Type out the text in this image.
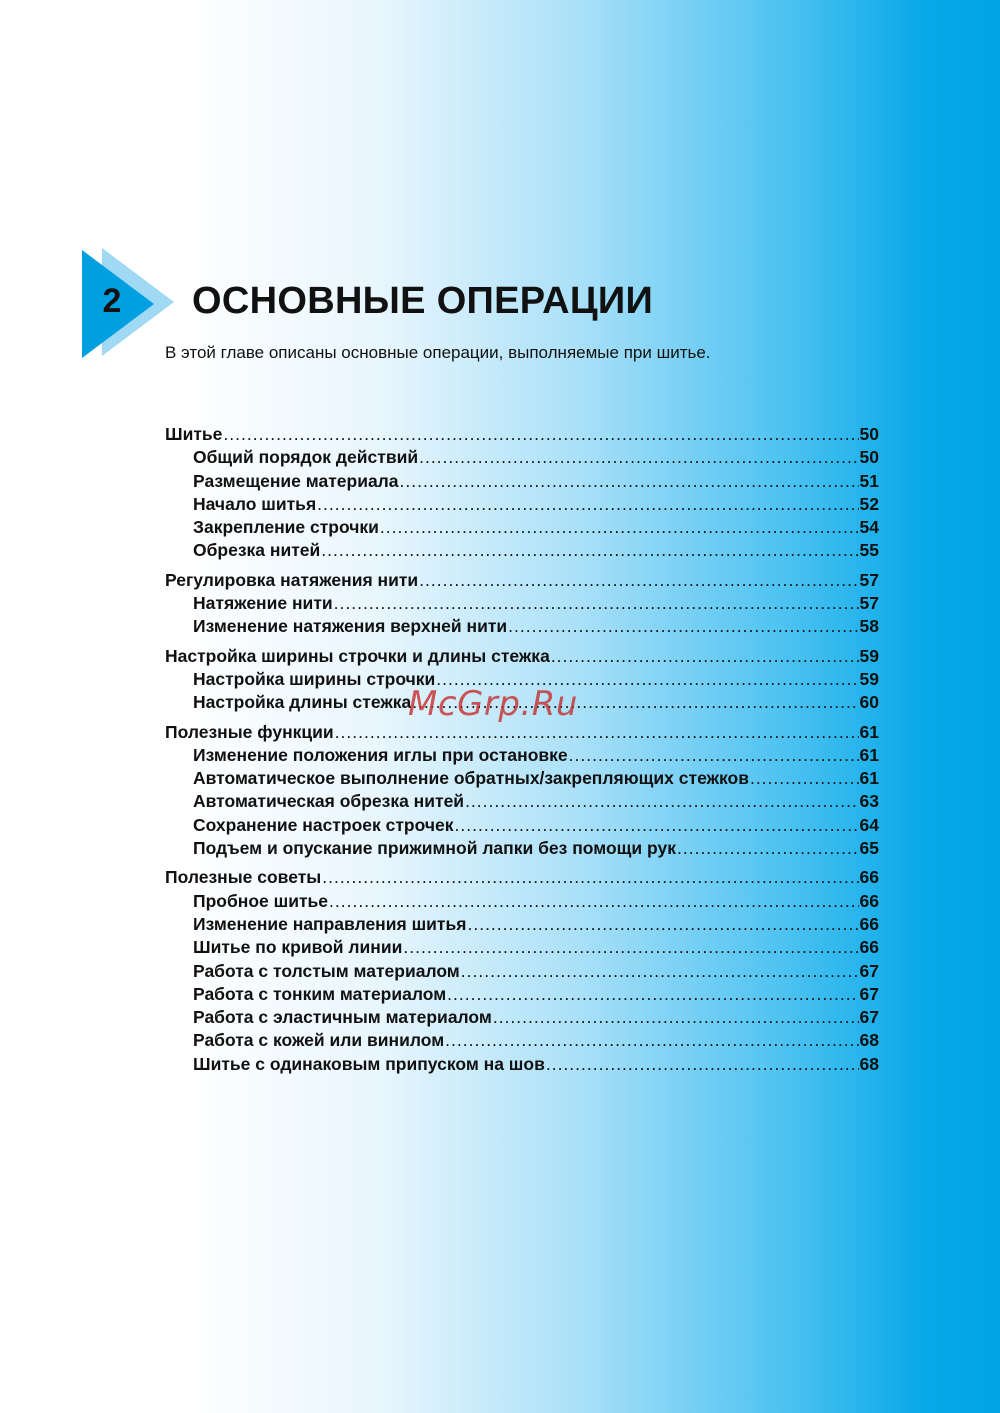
2 ОСНОВНЫЕ ОПЕРАЦИИ
В этой главе описаны основные операции, выполняемые при шитье.
Шитье .....	50
Общий порядок действий .....	50
Размещение материала .....	51
Начало шитья .....	52
Закрепление строчки .....	54
Обрезка нитей .....	55
Регулировка натяжения нити .....	57
Натяжение нити .....	57
Изменение натяжения верхней нити .....	58
Настройка ширины строчки и длины стежка .....	59
Настройка ширины строчки .....	59
Настройка длины стежка .....	60
Полезные функции .....	61
Изменение положения иглы при остановке .....	61
Автоматическое выполнение обратных/закрепляющих стежков .....	61
Автоматическая обрезка нитей .....	63
Сохранение настроек строчек .....	64
Подъем и опускание прижимной лапки без помощи рук .....	65
Полезные советы .....	66
Пробное шитье .....	66
Изменение направления шитья .....	66
Шитье по кривой линии .....	66
Работа с толстым материалом .....	67
Работа с тонким материалом .....	67
Работа с эластичным материалом .....	67
Работа с кожей или винилом .....	68
Шитье с одинаковым припуском на шов .....	68
McGrp.Ru
